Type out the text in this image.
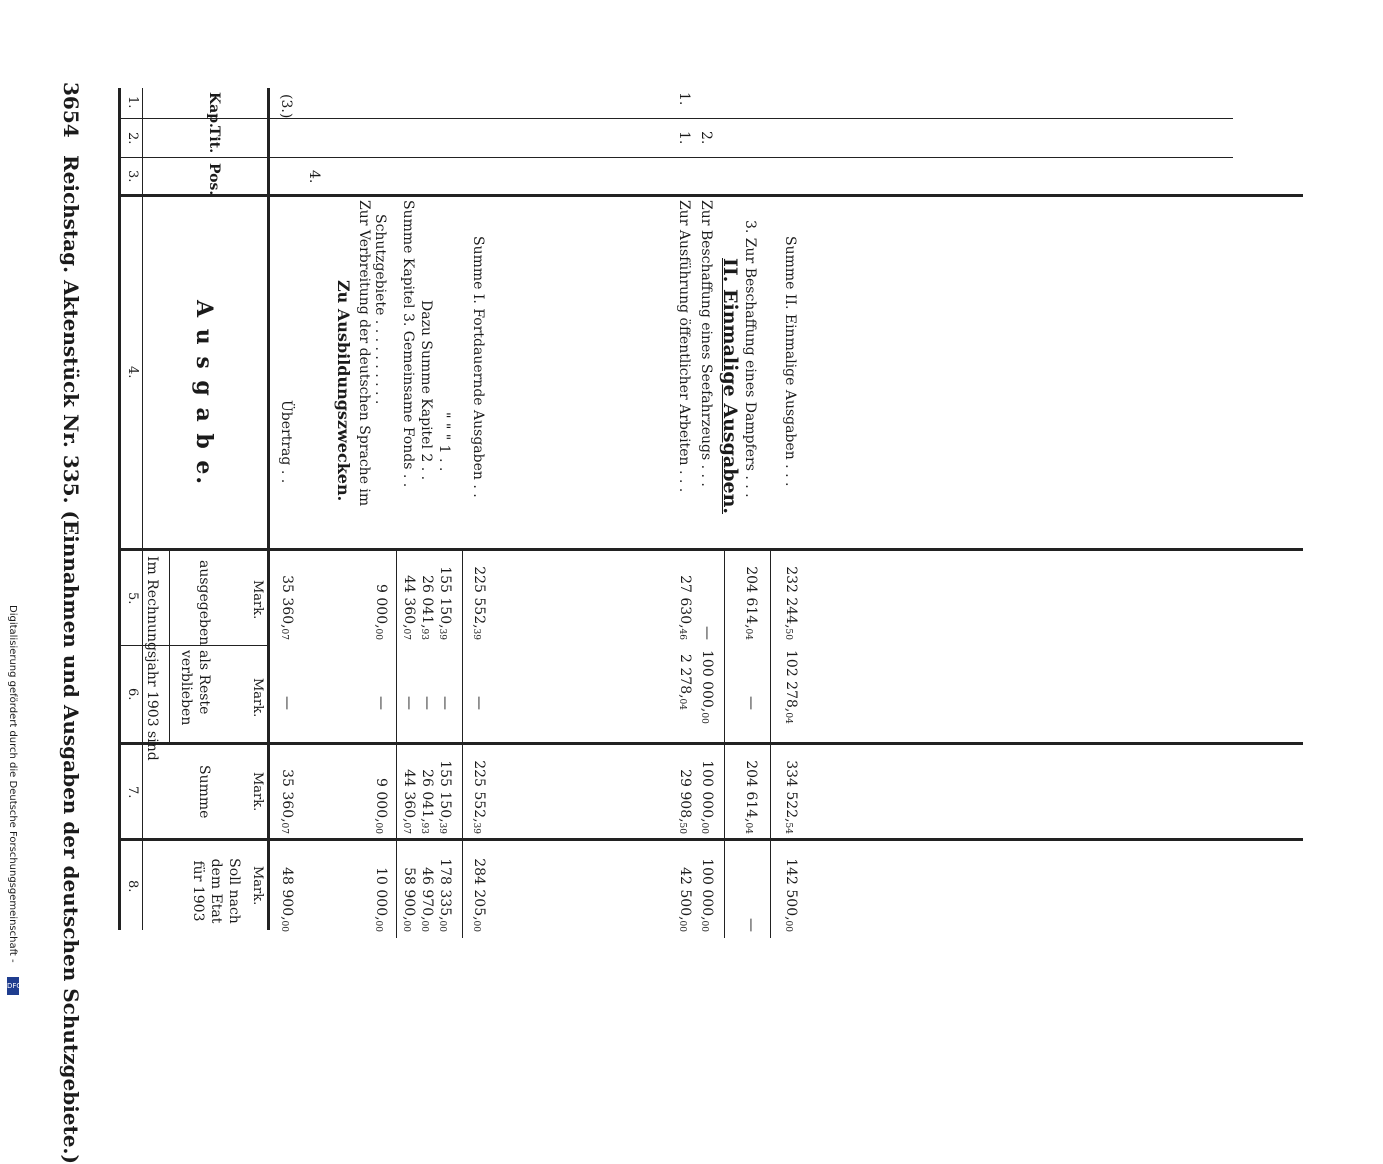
3654
Reichstag. Aktenstück Nr. 335. (Einnahmen und Ausgaben der deutschen Schutzgebiete.)
1.
2.
3.
4.
5.
6.
7.
8.
Kap.
Tit.
Pos.
A u s g a b e.
Im Rechnungsjahr 1903 sind	ausgegeben
als Reste verblieben
Summe
Soll nach dem Etat für 1903
Mark.
Mark.
Mark.
Mark.
(3.)
Übertrag . .
35 $360,_{07}$
—
35 $360,_{07}$
48 $900,_{00}$
4.
Zu Ausbildungszwecken. Zur Verbreitung der deutschen Sprache im Schutzgebiete . . . . . . . . . .
9 $000,_{00}$
—
9 $000,_{00}$
10 $000,_{00}$
Summe Kapitel 3. Gemeinsame Fonds . .
44 $360,_{07}$
—
44 $360,_{07}$
58 $900,_{00}$
Dazu Summe Kapitel 2 . .
26 $041,_{93}$
—
26 $041,_{93}$
46 $970,_{00}$
" " " 1 . .
155 $150,_{39}$
—
155 $150,_{39}$
178 $335,_{00}$
Summe I. Fortdauernde Ausgaben . .
225 $552,_{39}$
—
225 $552,_{39}$
284 $205,_{00}$
II. Einmalige Ausgaben.
1.
1. 2.
Zur Ausführung öffentlicher Arbeiten . . .
27 $630,_{46}$
2 $278,_{04}$
29 $908,_{50}$
42 $500,_{00}$
Zur Beschaffung eines Seefahrzeugs . . .
—
100 $000,_{00}$
100 $000,_{00}$
100 $000,_{00}$
3. Zur Beschaffung eines Dampfers . . .
204 $614,_{04}$
—
204 $614,_{04}$
—
Summe II. Einmalige Ausgaben . . .
232 $244,_{50}$
102 $278,_{04}$
334 $522,_{54}$
142 $500,_{00}$
Digitalisierung gefördert durch die Deutsche Forschungsgemeinschaft -
DFG
